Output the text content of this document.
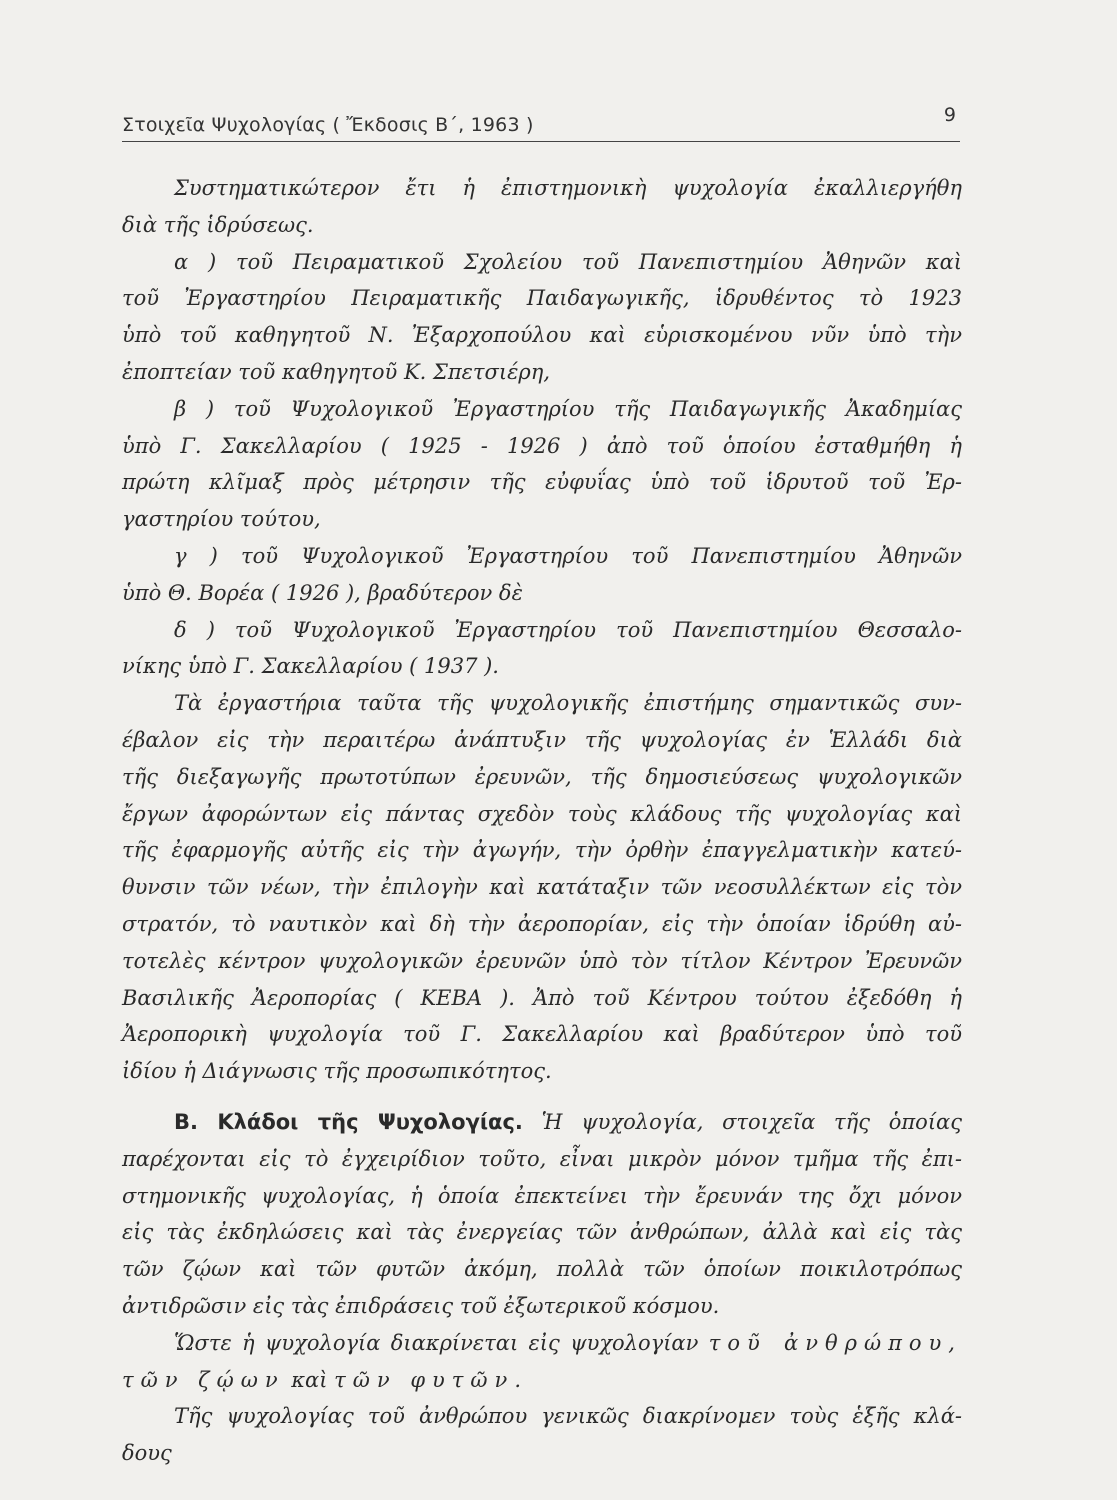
Στοιχεῖα Ψυχολογίας ( Ἔκδοσις Β΄, 1963 )	9
Συστηματικώτερον ἔτι ἡ ἐπιστημονικὴ ψυχολογία ἐκαλλιεργήθη
διὰ τῆς ἱδρύσεως.
α ) τοῦ Πειραματικοῦ Σχολείου τοῦ Πανεπιστημίου Ἀθηνῶν καὶ
τοῦ Ἐργαστηρίου Πειραματικῆς Παιδαγωγικῆς, ἱδρυθέντος τὸ 1923
ὑπὸ τοῦ καθηγητοῦ Ν. Ἐξαρχοπούλου καὶ εὑρισκομένου νῦν ὑπὸ τὴν
ἐποπτείαν τοῦ καθηγητοῦ Κ. Σπετσιέρη,
β ) τοῦ Ψυχολογικοῦ Ἐργαστηρίου τῆς Παιδαγωγικῆς Ἀκαδημίας
ὑπὸ Γ. Σακελλαρίου ( 1925 - 1926 ) ἀπὸ τοῦ ὁποίου ἐσταθμήθη ἡ
πρώτη κλῖμαξ πρὸς μέτρησιν τῆς εὐφυΐας ὑπὸ τοῦ ἱδρυτοῦ τοῦ Ἐρ-
γαστηρίου τούτου,
γ ) τοῦ Ψυχολογικοῦ Ἐργαστηρίου τοῦ Πανεπιστημίου Ἀθηνῶν
ὑπὸ Θ. Βορέα ( 1926 ), βραδύτερον δὲ
δ ) τοῦ Ψυχολογικοῦ Ἐργαστηρίου τοῦ Πανεπιστημίου Θεσσαλο-
νίκης ὑπὸ Γ. Σακελλαρίου ( 1937 ).
Τὰ ἐργαστήρια ταῦτα τῆς ψυχολογικῆς ἐπιστήμης σημαντικῶς συν-
έβαλον εἰς τὴν περαιτέρω ἀνάπτυξιν τῆς ψυχολογίας ἐν Ἑλλάδι διὰ
τῆς διεξαγωγῆς πρωτοτύπων ἐρευνῶν, τῆς δημοσιεύσεως ψυχολογικῶν
ἔργων ἀφορώντων εἰς πάντας σχεδὸν τοὺς κλάδους τῆς ψυχολογίας καὶ
τῆς ἐφαρμογῆς αὐτῆς εἰς τὴν ἀγωγήν, τὴν ὀρθὴν ἐπαγγελματικὴν κατεύ-
θυνσιν τῶν νέων, τὴν ἐπιλογὴν καὶ κατάταξιν τῶν νεοσυλλέκτων εἰς τὸν
στρατόν, τὸ ναυτικὸν καὶ δὴ τὴν ἀεροπορίαν, εἰς τὴν ὁποίαν ἱδρύθη αὐ-
τοτελὲς κέντρον ψυχολογικῶν ἐρευνῶν ὑπὸ τὸν τίτλον Κέντρον Ἐρευνῶν
Βασιλικῆς Ἀεροπορίας ( ΚΕΒΑ ). Ἀπὸ τοῦ Κέντρου τούτου ἐξεδόθη ἡ
Ἀεροπορικὴ ψυχολογία τοῦ Γ. Σακελλαρίου καὶ βραδύτερον ὑπὸ τοῦ
ἰδίου ἡ Διάγνωσις τῆς προσωπικότητος.
Β. Κλάδοι τῆς Ψυχολογίας. Ἡ ψυχολογία, στοιχεῖα τῆς ὁποίας
παρέχονται εἰς τὸ ἐγχειρίδιον τοῦτο, εἶναι μικρὸν μόνον τμῆμα τῆς ἐπι-
στημονικῆς ψυχολογίας, ἡ ὁποία ἐπεκτείνει τὴν ἔρευνάν της ὄχι μόνον
εἰς τὰς ἐκδηλώσεις καὶ τὰς ἐνεργείας τῶν ἀνθρώπων, ἀλλὰ καὶ εἰς τὰς
τῶν ζῴων καὶ τῶν φυτῶν ἀκόμη, πολλὰ τῶν ὁποίων ποικιλοτρόπως
ἀντιδρῶσιν εἰς τὰς ἐπιδράσεις τοῦ ἐξωτερικοῦ κόσμου.
Ὥστε ἡ ψυχολογία διακρίνεται εἰς ψυχολογίαν τοῦ ἀνθρώπου,
τῶν ζῴων καὶ τῶν φυτῶν.
Τῆς ψυχολογίας τοῦ ἀνθρώπου γενικῶς διακρίνομεν τοὺς ἑξῆς κλά-
δους
